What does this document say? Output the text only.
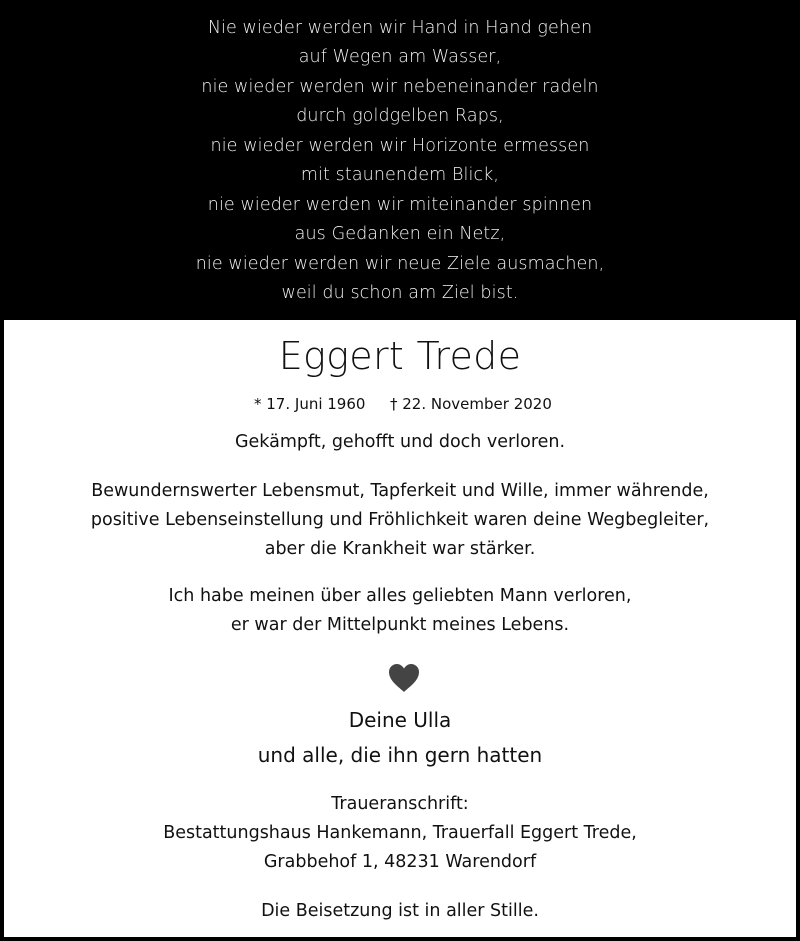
Nie wieder werden wir Hand in Hand gehen
auf Wegen am Wasser,
nie wieder werden wir nebeneinander radeln
durch goldgelben Raps,
nie wieder werden wir Horizonte ermessen
mit staunendem Blick,
nie wieder werden wir miteinander spinnen
aus Gedanken ein Netz,
nie wieder werden wir neue Ziele ausmachen,
weil du schon am Ziel bist.
Eggert Trede
* 17. Juni 1960 † 22. November 2020
Gekämpft, gehofft und doch verloren.
Bewundernswerter Lebensmut, Tapferkeit und Wille, immer währende,
positive Lebenseinstellung und Fröhlichkeit waren deine Wegbegleiter,
aber die Krankheit war stärker.
Ich habe meinen über alles geliebten Mann verloren,
er war der Mittelpunkt meines Lebens.
Deine Ulla
und alle, die ihn gern hatten
Traueranschrift:
Bestattungshaus Hankemann, Trauerfall Eggert Trede,
Grabbehof 1, 48231 Warendorf
Die Beisetzung ist in aller Stille.
